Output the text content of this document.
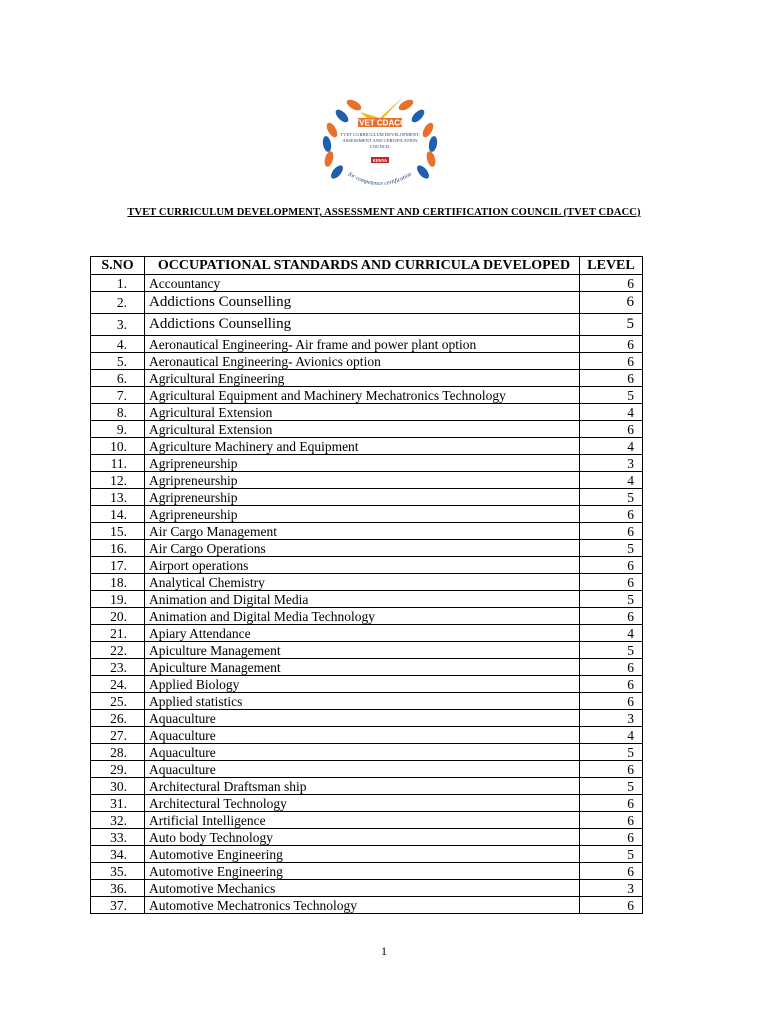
TVET CDACC
TVET CURRICULUM DEVELOPMENT,
ASSESSMENT AND CERTIFICATION
COUNCIL
KENYA
for competence certification
TVET CURRICULUM DEVELOPMENT, ASSESSMENT AND CERTIFICATION COUNCIL (TVET CDACC)
S.NO	OCCUPATIONAL STANDARDS AND CURRICULA DEVELOPED	LEVEL
1.	Accountancy	6
2.	Addictions Counselling	6
3.	Addictions Counselling	5
4.	Aeronautical Engineering- Air frame and power plant option	6
5.	Aeronautical Engineering- Avionics option	6
6.	Agricultural Engineering	6
7.	Agricultural Equipment and Machinery Mechatronics Technology	5
8.	Agricultural Extension	4
9.	Agricultural Extension	6
10.	Agriculture Machinery and Equipment	4
11.	Agripreneurship	3
12.	Agripreneurship	4
13.	Agripreneurship	5
14.	Agripreneurship	6
15.	Air Cargo Management	6
16.	Air Cargo Operations	5
17.	Airport operations	6
18.	Analytical Chemistry	6
19.	Animation and Digital Media	5
20.	Animation and Digital Media Technology	6
21.	Apiary Attendance	4
22.	Apiculture Management	5
23.	Apiculture Management	6
24.	Applied Biology	6
25.	Applied statistics	6
26.	Aquaculture	3
27.	Aquaculture	4
28.	Aquaculture	5
29.	Aquaculture	6
30.	Architectural Draftsman ship	5
31.	Architectural Technology	6
32.	Artificial Intelligence	6
33.	Auto body Technology	6
34.	Automotive Engineering	5
35.	Automotive Engineering	6
36.	Automotive Mechanics	3
37.	Automotive Mechatronics Technology	6
1
